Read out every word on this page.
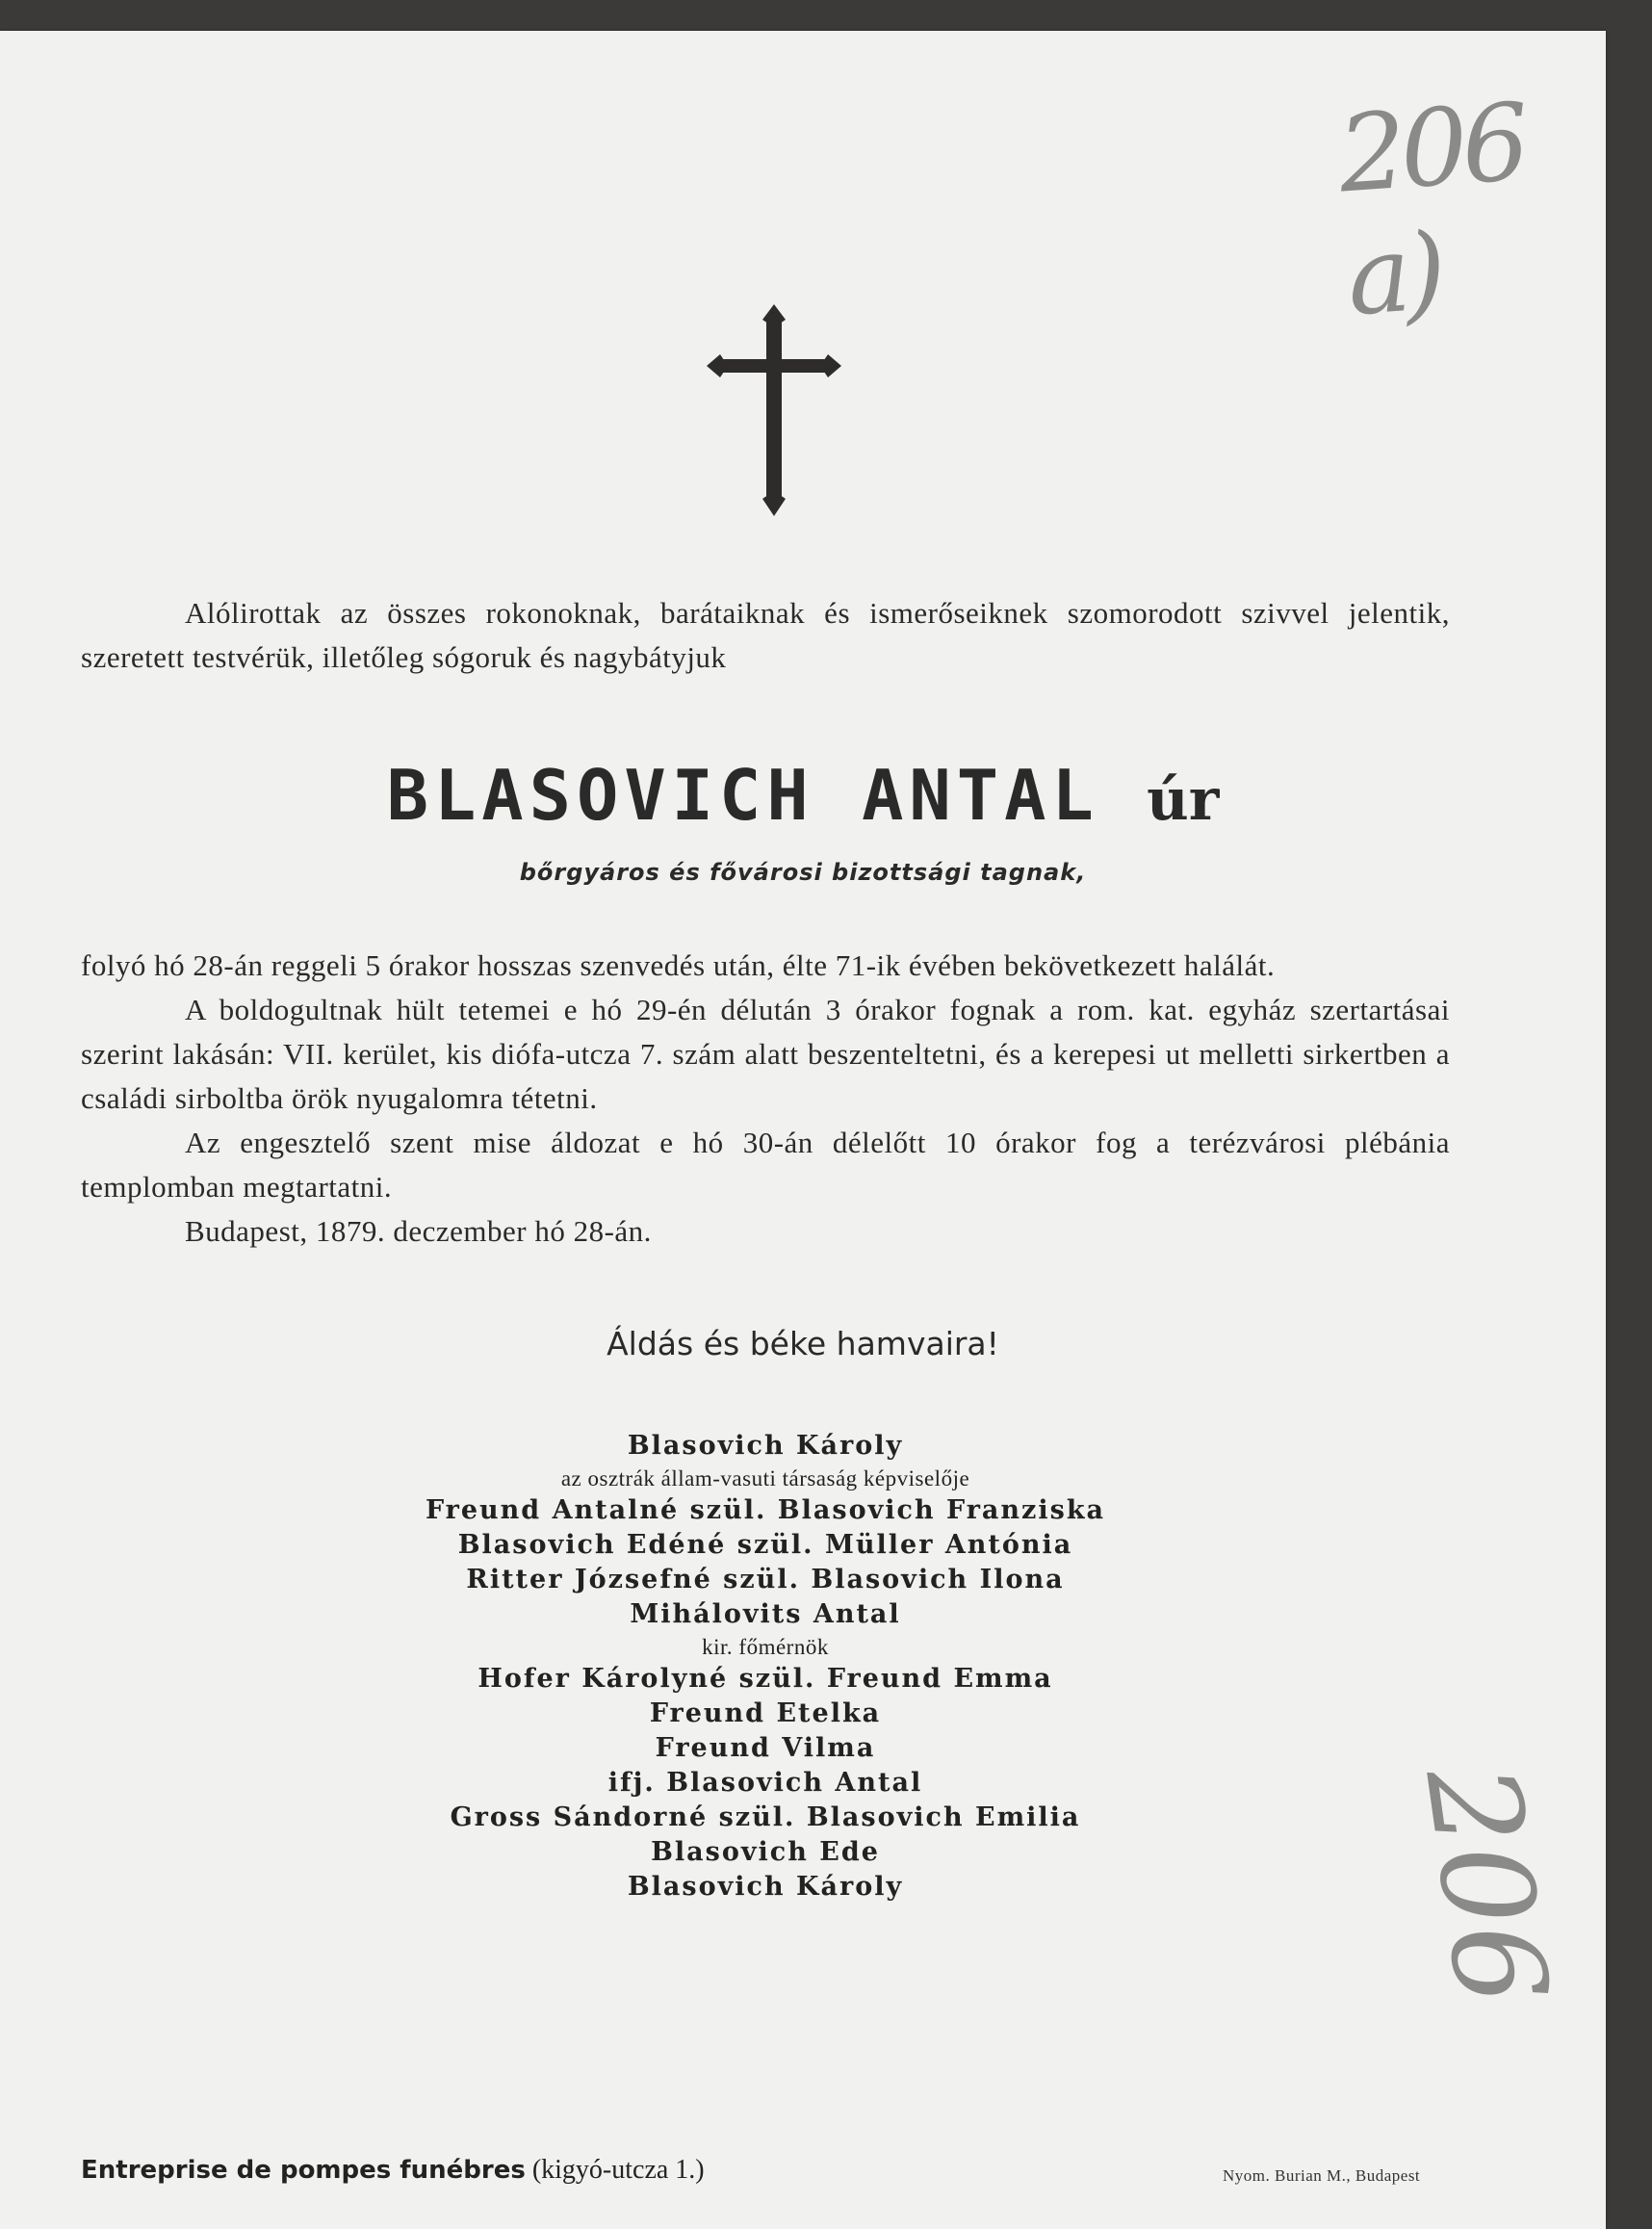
206 a)

Alólirottak az összes rokonoknak, barátaiknak és ismerőseiknek szomorodott szivvel jelentik, szeretett testvérük, illetőleg sógoruk és nagybátyjuk

BLASOVICH ANTAL úr
bőrgyáros és fővárosi bizottsági tagnak,

folyó hó 28-án reggeli 5 órakor hosszas szenvedés után, élte 71-ik évében bekövetkezett halálát.

A boldogultnak hült tetemei e hó 29-én délután 3 órakor fognak a rom. kat. egyház szertartásai szerint lakásán: VII. kerület, kis diófa-utcza 7. szám alatt beszenteltetni, és a kerepesi ut melletti sirkertben a családi sirboltba örök nyugalomra tétetni.

Az engesztelő szent mise áldozat e hó 30-án délelőtt 10 órakor fog a terézvárosi plébánia templomban megtartatni.

Budapest, 1879. deczember hó 28-án.

Áldás és béke hamvaira!
Blasovich Károly
az osztrák állam-vasuti társaság képviselője
Freund Antalné szül. Blasovich Franziska
Blasovich Edéné szül. Müller Antónia
Ritter Józsefné szül. Blasovich Ilona
Mihálovits Antal
kir. főmérnök
Hofer Károlyné szül. Freund Emma
Freund Etelka
Freund Vilma
ifj. Blasovich Antal
Gross Sándorné szül. Blasovich Emilia
Blasovich Ede
Blasovich Károly	206
Entreprise de pompes funébres (kigyó-utcza 1.)	Nyom. Burian M., Budapest
